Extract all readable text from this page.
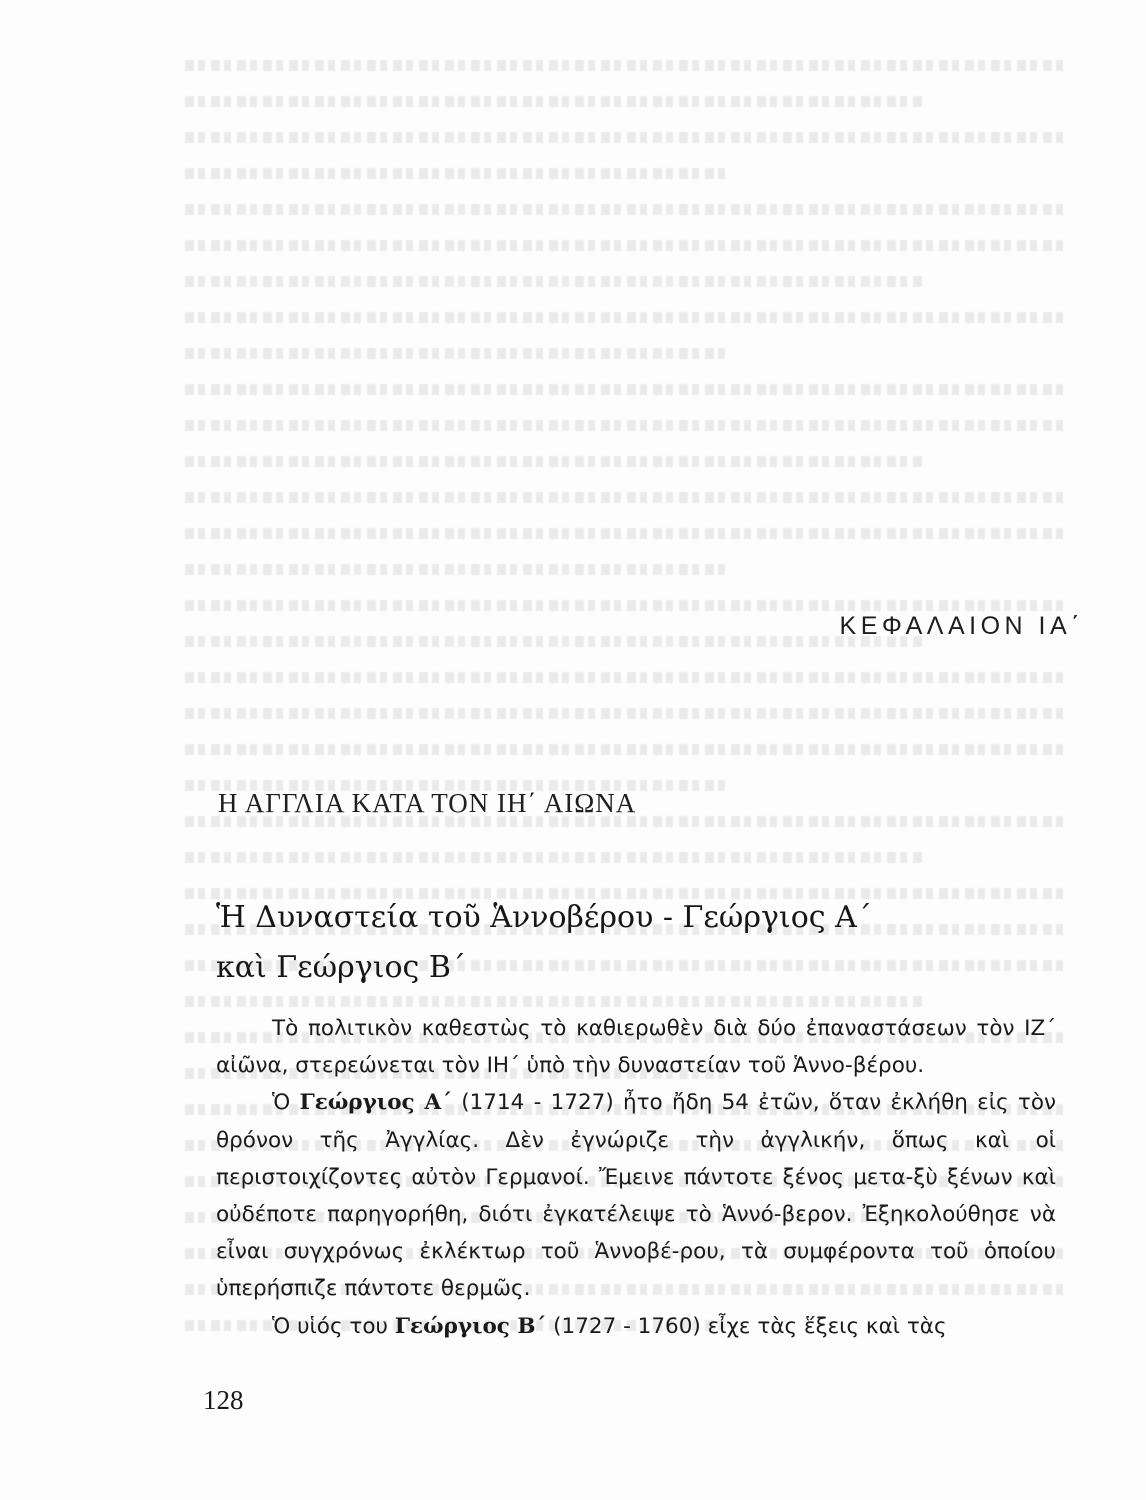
ΚΕΦΑΛΑΙΟΝ ΙΑ΄
Η ΑΓΓΛΙΑ ΚΑΤΑ ΤΟΝ ΙΗ΄ ΑΙΩΝΑ
Ἡ Δυναστεία τοῦ Ἁννοβέρου - Γεώργιος Α΄
καὶ Γεώργιος Β΄

Τὸ πολιτικὸν καθεστὼς τὸ καθιερωθὲν διὰ δύο ἐπαναστάσεων τὸν ΙΖ΄ αἰῶνα, στερεώνεται τὸν ΙΗ΄ ὑπὸ τὴν δυναστείαν τοῦ Ἁννο-βέρου.

Ὁ Γεώργιος Α΄ (1714 - 1727) ἦτο ἤδη 54 ἐτῶν, ὅταν ἐκλήθη εἰς τὸν θρόνον τῆς Ἀγγλίας. Δὲν ἐγνώριζε τὴν ἀγγλικήν, ὅπως καὶ οἱ περιστοιχίζοντες αὐτὸν Γερμανοί. Ἔμεινε πάντοτε ξένος μετα-ξὺ ξένων καὶ οὐδέποτε παρηγορήθη, διότι ἐγκατέλειψε τὸ Ἁννό-βερον. Ἐξηκολούθησε νὰ εἶναι συγχρόνως ἐκλέκτωρ τοῦ Ἁννοβέ-ρου, τὰ συμφέροντα τοῦ ὁποίου ὑπερήσπιζε πάντοτε θερμῶς.

Ὁ υἱός του Γεώργιος Β΄ (1727 - 1760) εἶχε τὰς ἕξεις καὶ τὰς

128
